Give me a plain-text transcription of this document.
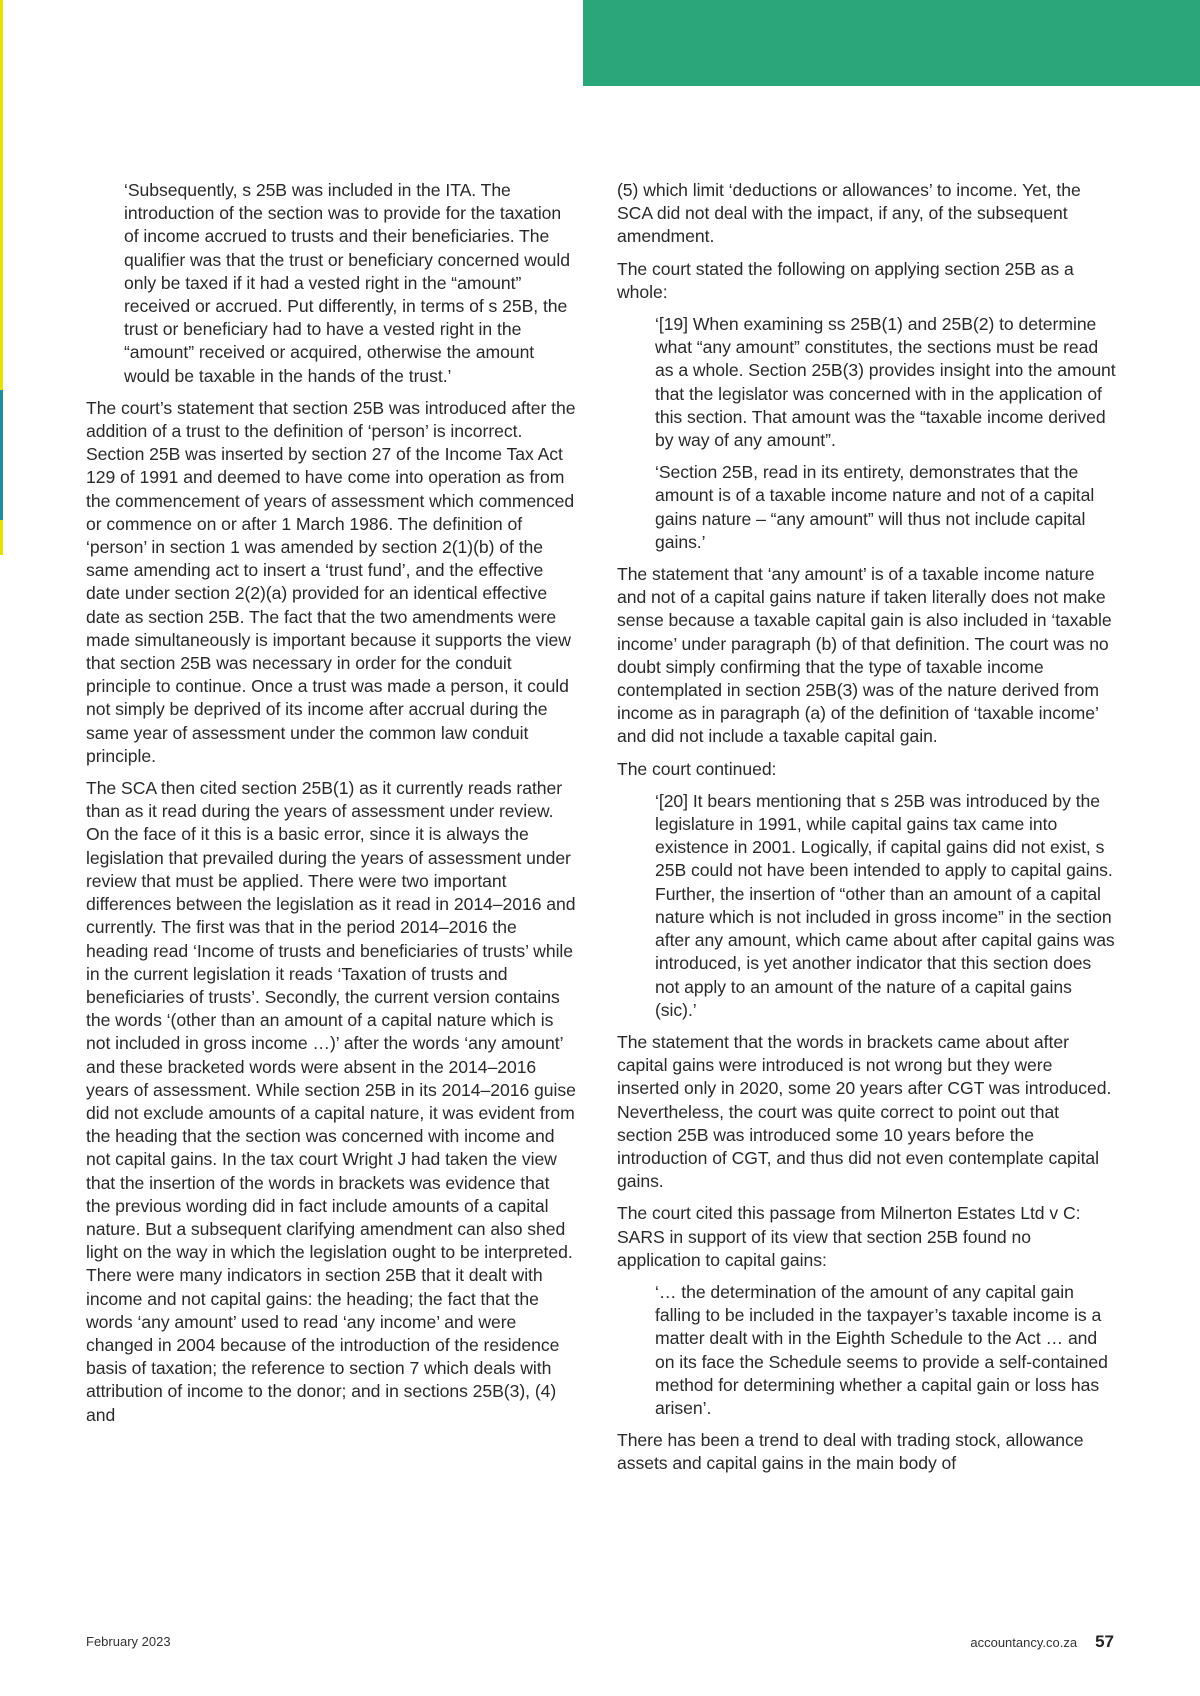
‘Subsequently, s 25B was included in the ITA. The introduction of the section was to provide for the taxation of income accrued to trusts and their beneficiaries. The qualifier was that the trust or beneficiary concerned would only be taxed if it had a vested right in the “amount” received or accrued. Put differently, in terms of s 25B, the trust or beneficiary had to have a vested right in the “amount” received or acquired, otherwise the amount would be taxable in the hands of the trust.’

The court’s statement that section 25B was introduced after the addition of a trust to the definition of ‘person’ is incorrect. Section 25B was inserted by section 27 of the Income Tax Act 129 of 1991 and deemed to have come into operation as from the commencement of years of assessment which commenced or commence on or after 1 March 1986. The definition of ‘person’ in section 1 was amended by section 2(1)(b) of the same amending act to insert a ‘trust fund’, and the effective date under section 2(2)(a) provided for an identical effective date as section 25B. The fact that the two amendments were made simultaneously is important because it supports the view that section 25B was necessary in order for the conduit principle to continue. Once a trust was made a person, it could not simply be deprived of its income after accrual during the same year of assessment under the common law conduit principle.

The SCA then cited section 25B(1) as it currently reads rather than as it read during the years of assessment under review. On the face of it this is a basic error, since it is always the legislation that prevailed during the years of assessment under review that must be applied. There were two important differences between the legislation as it read in 2014–2016 and currently. The first was that in the period 2014–2016 the heading read ‘Income of trusts and beneficiaries of trusts’ while in the current legislation it reads ‘Taxation of trusts and beneficiaries of trusts’. Secondly, the current version contains the words ‘(other than an amount of a capital nature which is not included in gross income …)’ after the words ‘any amount’ and these bracketed words were absent in the 2014–2016 years of assessment. While section 25B in its 2014–2016 guise did not exclude amounts of a capital nature, it was evident from the heading that the section was concerned with income and not capital gains. In the tax court Wright J had taken the view that the insertion of the words in brackets was evidence that the previous wording did in fact include amounts of a capital nature. But a subsequent clarifying amendment can also shed light on the way in which the legislation ought to be interpreted. There were many indicators in section 25B that it dealt with income and not capital gains: the heading; the fact that the words ‘any amount’ used to read ‘any income’ and were changed in 2004 because of the introduction of the residence basis of taxation; the reference to section 7 which deals with attribution of income to the donor; and in sections 25B(3), (4) and

(5) which limit ‘deductions or allowances’ to income. Yet, the SCA did not deal with the impact, if any, of the subsequent amendment.

The court stated the following on applying section 25B as a whole:

‘[19] When examining ss 25B(1) and 25B(2) to determine what “any amount” constitutes, the sections must be read as a whole. Section 25B(3) provides insight into the amount that the legislator was concerned with in the application of this section. That amount was the “taxable income derived by way of any amount”.

‘Section 25B, read in its entirety, demonstrates that the amount is of a taxable income nature and not of a capital gains nature – “any amount” will thus not include capital gains.’

The statement that ‘any amount’ is of a taxable income nature and not of a capital gains nature if taken literally does not make sense because a taxable capital gain is also included in ‘taxable income’ under paragraph (b) of that definition. The court was no doubt simply confirming that the type of taxable income contemplated in section 25B(3) was of the nature derived from income as in paragraph (a) of the definition of ‘taxable income’ and did not include a taxable capital gain.

The court continued:

‘[20] It bears mentioning that s 25B was introduced by the legislature in 1991, while capital gains tax came into existence in 2001. Logically, if capital gains did not exist, s 25B could not have been intended to apply to capital gains. Further, the insertion of “other than an amount of a capital nature which is not included in gross income” in the section after any amount, which came about after capital gains was introduced, is yet another indicator that this section does not apply to an amount of the nature of a capital gains (sic).’

The statement that the words in brackets came about after capital gains were introduced is not wrong but they were inserted only in 2020, some 20 years after CGT was introduced. Nevertheless, the court was quite correct to point out that section 25B was introduced some 10 years before the introduction of CGT, and thus did not even contemplate capital gains.

The court cited this passage from Milnerton Estates Ltd v C: SARS in support of its view that section 25B found no application to capital gains:

‘… the determination of the amount of any capital gain falling to be included in the taxpayer’s taxable income is a matter dealt with in the Eighth Schedule to the Act … and on its face the Schedule seems to provide a self-contained method for determining whether a capital gain or loss has arisen’.

There has been a trend to deal with trading stock, allowance assets and capital gains in the main body of

February 2023	accountancy.co.za 57
